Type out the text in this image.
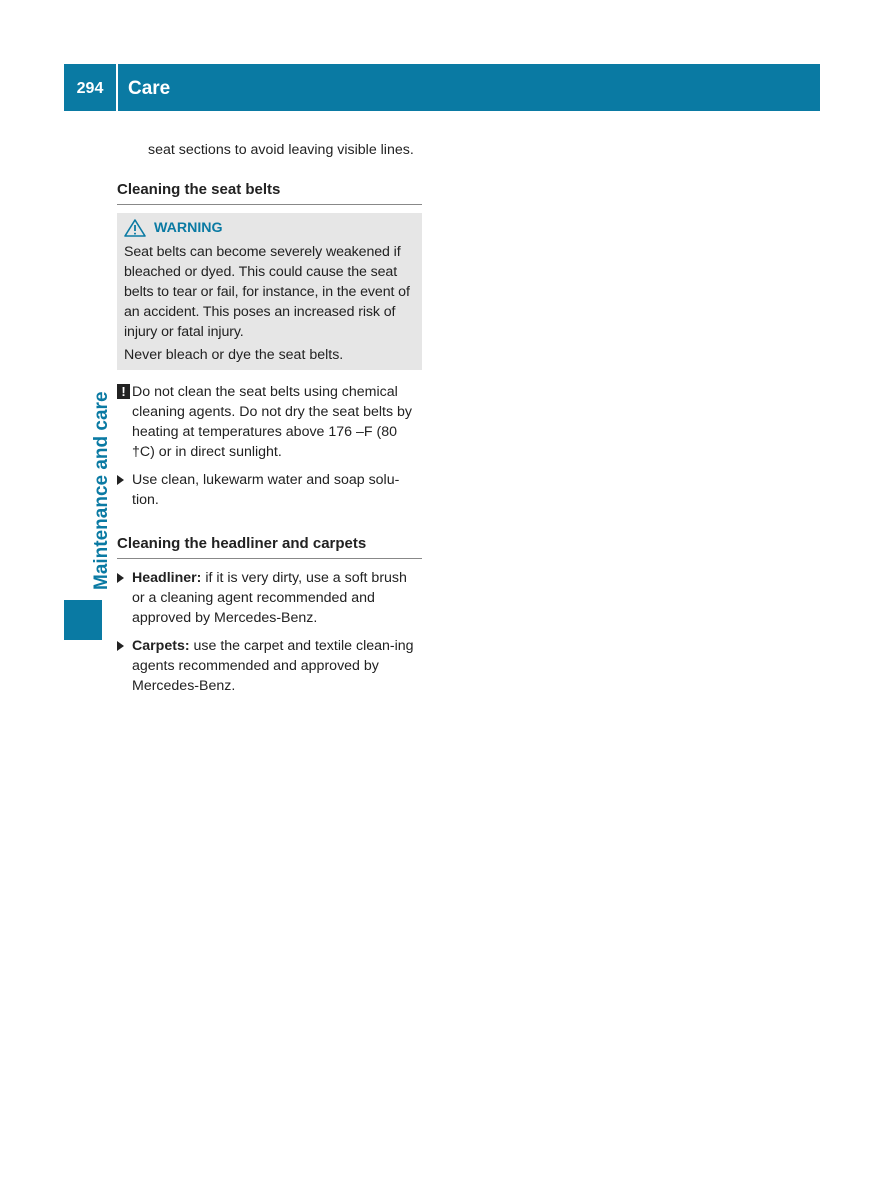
294	Care
Maintenance and care

seat sections to avoid leaving visible lines.

Cleaning the seat belts
WARNING

Seat belts can become severely weakened if bleached or dyed. This could cause the seat belts to tear or fail, for instance, in the event of an accident. This poses an increased risk of injury or fatal injury.

Never bleach or dye the seat belts.

! Do not clean the seat belts using chemical cleaning agents. Do not dry the seat belts by heating at temperatures above 176 ‒F (80 †C) or in direct sunlight.
Use clean, lukewarm water and soap solu-tion.
Cleaning the headliner and carpets
Headliner: if it is very dirty, use a soft brush or a cleaning agent recommended and approved by Mercedes-Benz.
Carpets: use the carpet and textile clean-ing agents recommended and approved by Mercedes-Benz.
